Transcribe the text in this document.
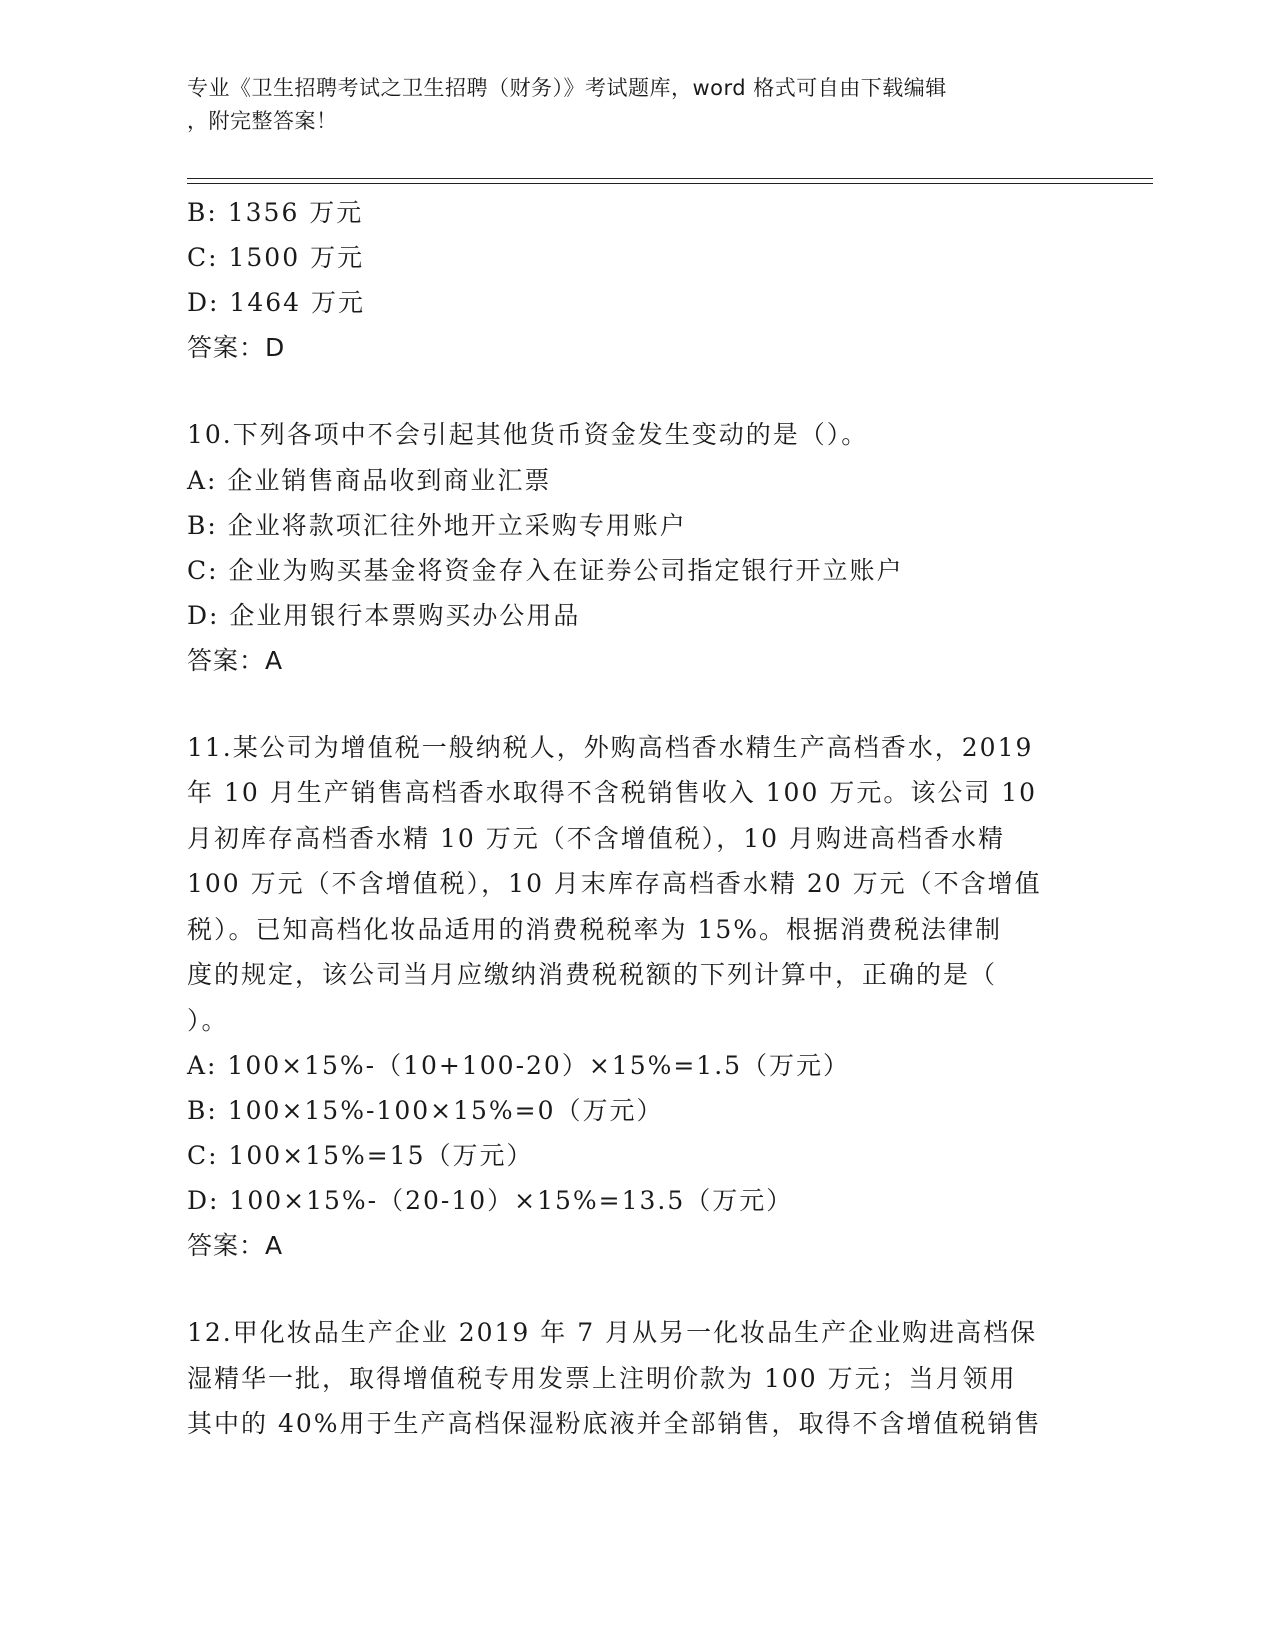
专业《卫生招聘考试之卫生招聘（财务）》考试题库，word 格式可自由下载编辑
，附完整答案！
B: 1356 万元
C: 1500 万元
D: 1464 万元
答案：D
10.下列各项中不会引起其他货币资金发生变动的是（）。
A: 企业销售商品收到商业汇票
B: 企业将款项汇往外地开立采购专用账户
C: 企业为购买基金将资金存入在证券公司指定银行开立账户
D: 企业用银行本票购买办公用品
答案：A
11.某公司为增值税一般纳税人，外购高档香水精生产高档香水，2019
年 10 月生产销售高档香水取得不含税销售收入 100 万元。该公司 10
月初库存高档香水精 10 万元（不含增值税），10 月购进高档香水精
100 万元（不含增值税），10 月末库存高档香水精 20 万元（不含增值
税）。已知高档化妆品适用的消费税税率为 15%。根据消费税法律制
度的规定，该公司当月应缴纳消费税税额的下列计算中，正确的是（
）。
A: 100×15%-（10+100-20）×15%=1.5（万元）
B: 100×15%-100×15%=0（万元）
C: 100×15%=15（万元）
D: 100×15%-（20-10）×15%=13.5（万元）
答案：A
12.甲化妆品生产企业 2019 年 7 月从另一化妆品生产企业购进高档保
湿精华一批，取得增值税专用发票上注明价款为 100 万元；当月领用
其中的 40%用于生产高档保湿粉底液并全部销售，取得不含增值税销售
